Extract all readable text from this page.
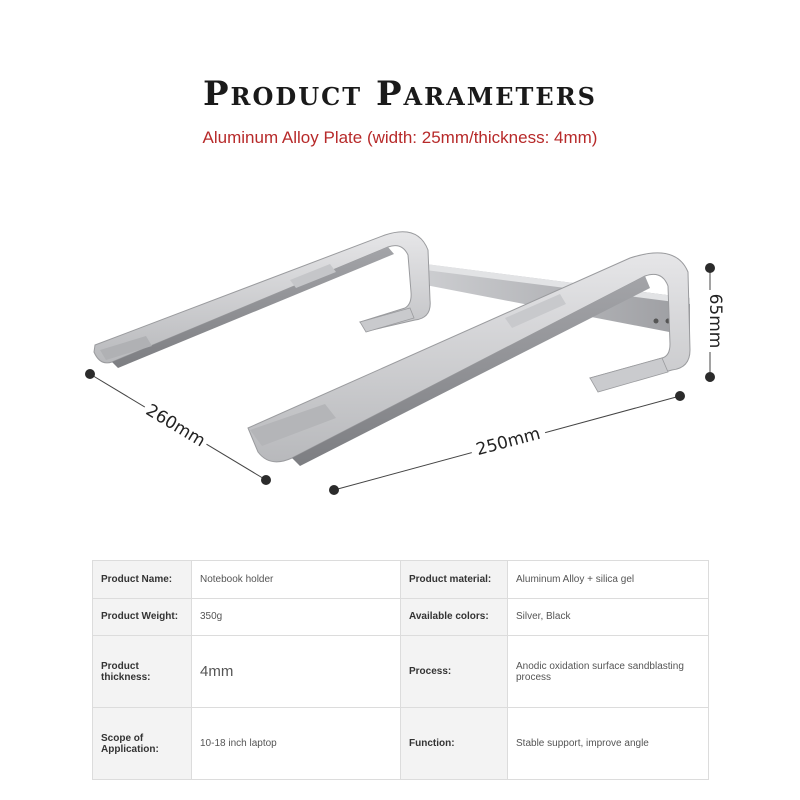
Product Parameters
Aluminum Alloy Plate (width: 25mm/thickness: 4mm)
260mm	250mm
65mm
Product Name:	Notebook holder	Product material:	Aluminum Alloy + silica gel
Product Weight:	350g	Available colors:	Silver, Black
Product thickness:	4mm	Process:	Anodic oxidation surface sandblasting process
Scope of Application:	10-18 inch laptop	Function:	Stable support, improve angle
